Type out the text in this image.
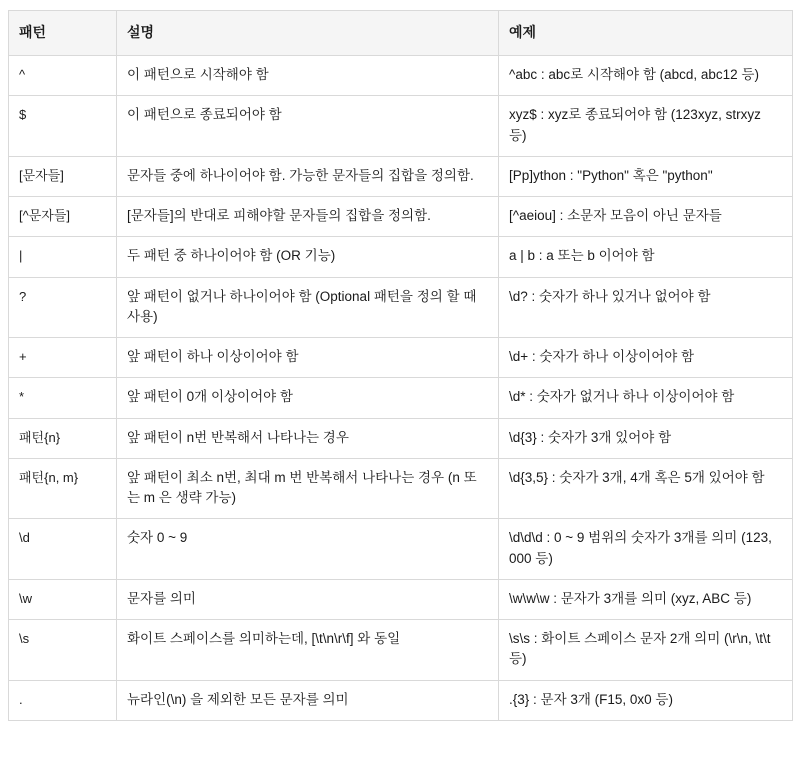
패턴	설명	예제
^	이 패턴으로 시작해야 함	^abc : abc로 시작해야 함 (abcd, abc12 등)
$	이 패턴으로 종료되어야 함	xyz$ : xyz로 종료되어야 함 (123xyz, strxyz 등)
[문자들]	문자들 중에 하나이어야 함. 가능한 문자들의 집합을 정의함.	[Pp]ython : "Python" 혹은 "python"
[^문자들]	[문자들]의 반대로 피해야할 문자들의 집합을 정의함.	[^aeiou] : 소문자 모음이 아닌 문자들
|	두 패턴 중 하나이어야 함 (OR 기능)	a | b : a 또는 b 이어야 함
?	앞 패턴이 없거나 하나이어야 함 (Optional 패턴을 정의 할 때 사용)	\d? : 숫자가 하나 있거나 없어야 함
+	앞 패턴이 하나 이상이어야 함	\d+ : 숫자가 하나 이상이어야 함
*	앞 패턴이 0개 이상이어야 함	\d* : 숫자가 없거나 하나 이상이어야 함
패턴{n}	앞 패턴이 n번 반복해서 나타나는 경우	\d{3} : 숫자가 3개 있어야 함
패턴{n, m}	앞 패턴이 최소 n번, 최대 m 번 반복해서 나타나는 경우 (n 또는 m 은 생략 가능)	\d{3,5} : 숫자가 3개, 4개 혹은 5개 있어야 함
\d	숫자 0 ~ 9	\d\d\d : 0 ~ 9 범위의 숫자가 3개를 의미 (123, 000 등)
\w	문자를 의미	\w\w\w : 문자가 3개를 의미 (xyz, ABC 등)
\s	화이트 스페이스를 의미하는데, [\t\n\r\f] 와 동일	\s\s : 화이트 스페이스 문자 2개 의미 (\r\n, \t\t 등)
.	뉴라인(\n) 을 제외한 모든 문자를 의미	.{3} : 문자 3개 (F15, 0x0 등)
